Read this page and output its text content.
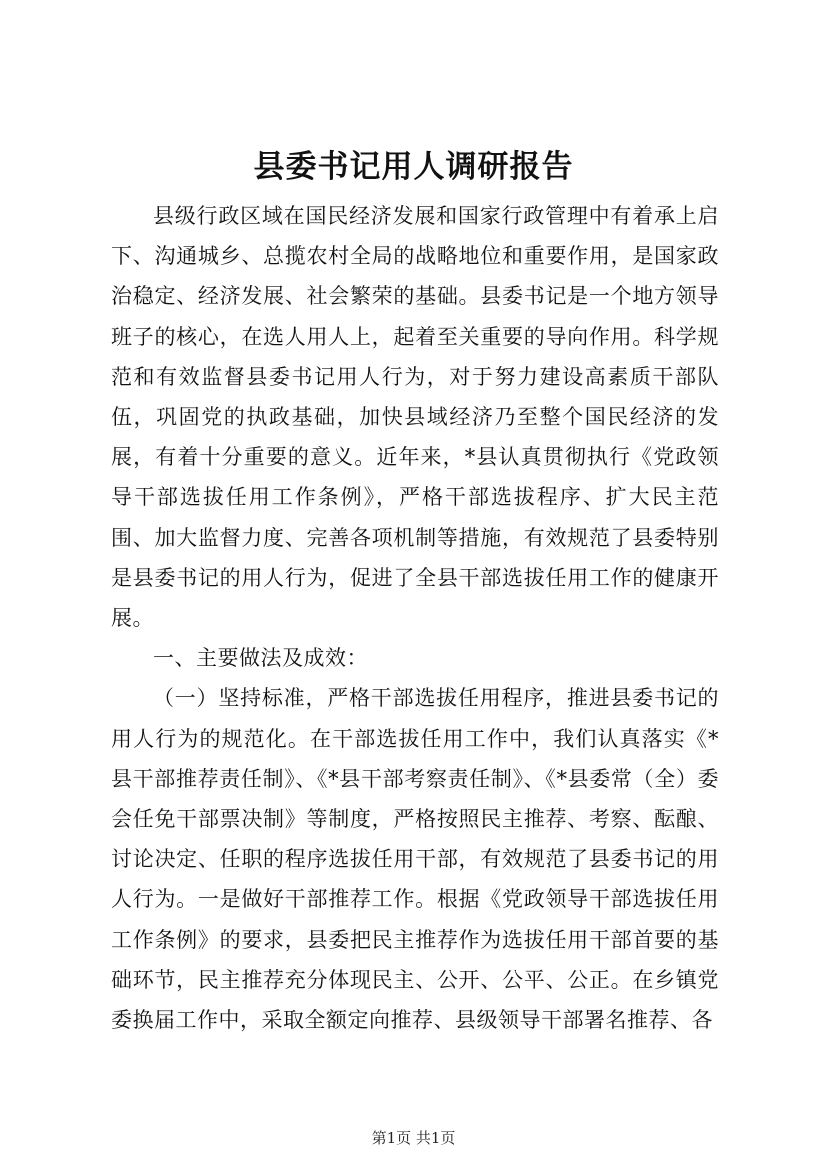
县委书记用人调研报告

县级行政区域在国民经济发展和国家行政管理中有着承上启下、沟通城乡、总揽农村全局的战略地位和重要作用，是国家政治稳定、经济发展、社会繁荣的基础。县委书记是一个地方领导班子的核心，在选人用人上，起着至关重要的导向作用。科学规范和有效监督县委书记用人行为，对于努力建设高素质干部队伍，巩固党的执政基础，加快县域经济乃至整个国民经济的发展，有着十分重要的意义。近年来，*县认真贯彻执行《党政领导干部选拔任用工作条例》，严格干部选拔程序、扩大民主范围、加大监督力度、完善各项机制等措施，有效规范了县委特别是县委书记的用人行为，促进了全县干部选拔任用工作的健康开展。

一、主要做法及成效：

（一）坚持标准，严格干部选拔任用程序，推进县委书记的用人行为的规范化。在干部选拔任用工作中，我们认真落实《*县干部推荐责任制》、《*县干部考察责任制》、《*县委常（全）委会任免干部票决制》等制度，严格按照民主推荐、考察、酝酿、讨论决定、任职的程序选拔任用干部，有效规范了县委书记的用人行为。一是做好干部推荐工作。根据《党政领导干部选拔任用工作条例》的要求，县委把民主推荐作为选拔任用干部首要的基础环节，民主推荐充分体现民主、公开、公平、公正。在乡镇党委换届工作中，采取全额定向推荐、县级领导干部署名推荐、各

第1页 共1页
